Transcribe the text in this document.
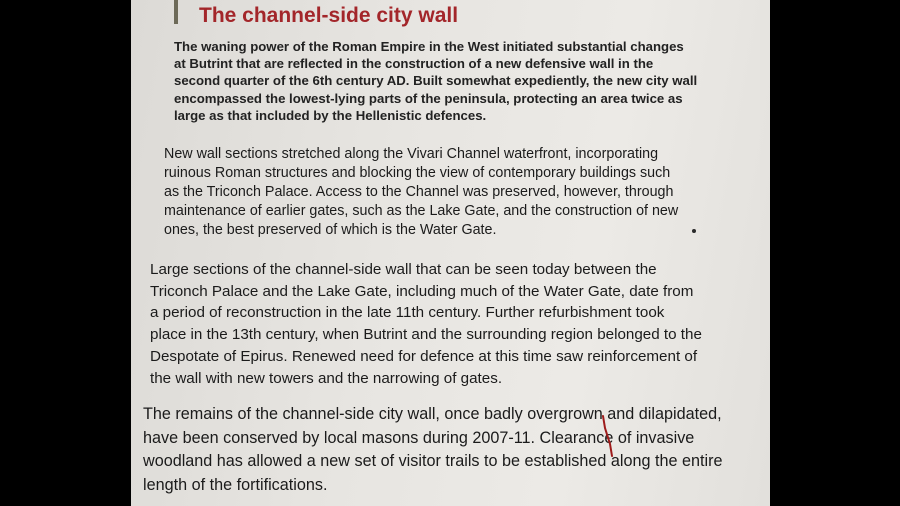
The channel-side city wall

The waning power of the Roman Empire in the West initiated substantial changes
at Butrint that are reflected in the construction of a new defensive wall in the
second quarter of the 6th century AD. Built somewhat expediently, the new city wall
encompassed the lowest-lying parts of the peninsula, protecting an area twice as
large as that included by the Hellenistic defences.

New wall sections stretched along the Vivari Channel waterfront, incorporating
ruinous Roman structures and blocking the view of contemporary buildings such
as the Triconch Palace. Access to the Channel was preserved, however, through
maintenance of earlier gates, such as the Lake Gate, and the construction of new
ones, the best preserved of which is the Water Gate.

Large sections of the channel-side wall that can be seen today between the
Triconch Palace and the Lake Gate, including much of the Water Gate, date from
a period of reconstruction in the late 11th century. Further refurbishment took
place in the 13th century, when Butrint and the surrounding region belonged to the
Despotate of Epirus. Renewed need for defence at this time saw reinforcement of
the wall with new towers and the narrowing of gates.

The remains of the channel-side city wall, once badly overgrown and dilapidated,
have been conserved by local masons during 2007-11. Clearance of invasive
woodland has allowed a new set of visitor trails to be established along the entire
length of the fortifications.
